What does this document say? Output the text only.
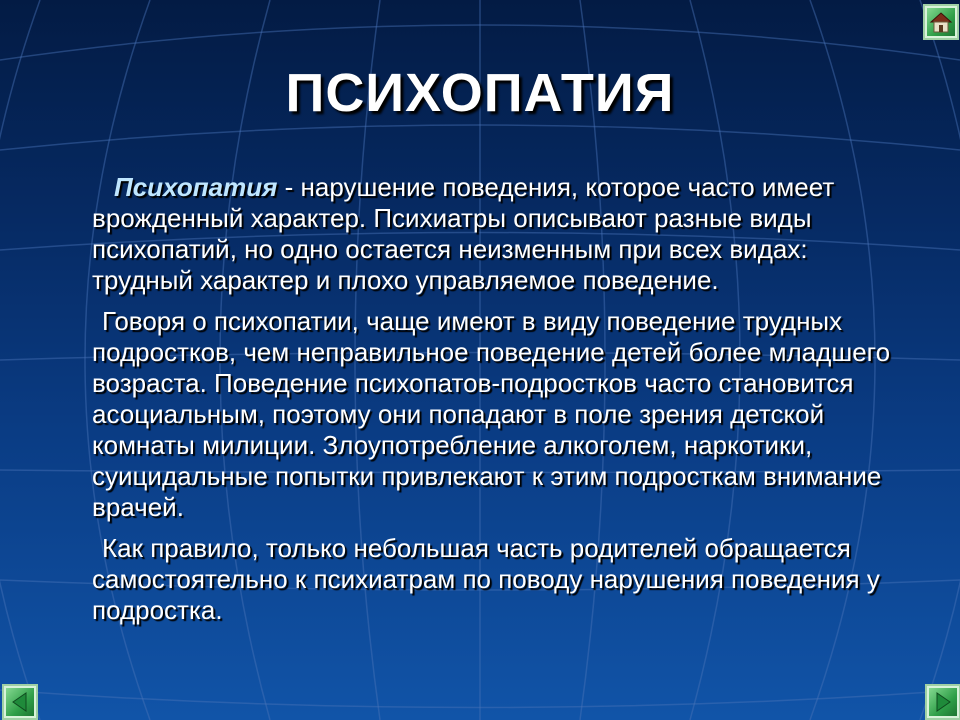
ПСИХОПАТИЯ

Психопатия - нарушение поведения, которое часто имеет врожденный характер. Психиатры описывают разные виды психопатий, но одно остается неизменным при всех видах: трудный характер и плохо управляемое поведение.

Говоря о психопатии, чаще имеют в виду поведение трудных подростков, чем неправильное поведение детей более младшего возраста. Поведение психопатов-подростков часто становится асоциальным, поэтому они попадают в поле зрения детской комнаты милиции. Злоупотребление алкоголем, наркотики, суицидальные попытки привлекают к этим подросткам внимание врачей.

Как правило, только небольшая часть родителей обращается самостоятельно к психиатрам по поводу нарушения поведения у подростка.
